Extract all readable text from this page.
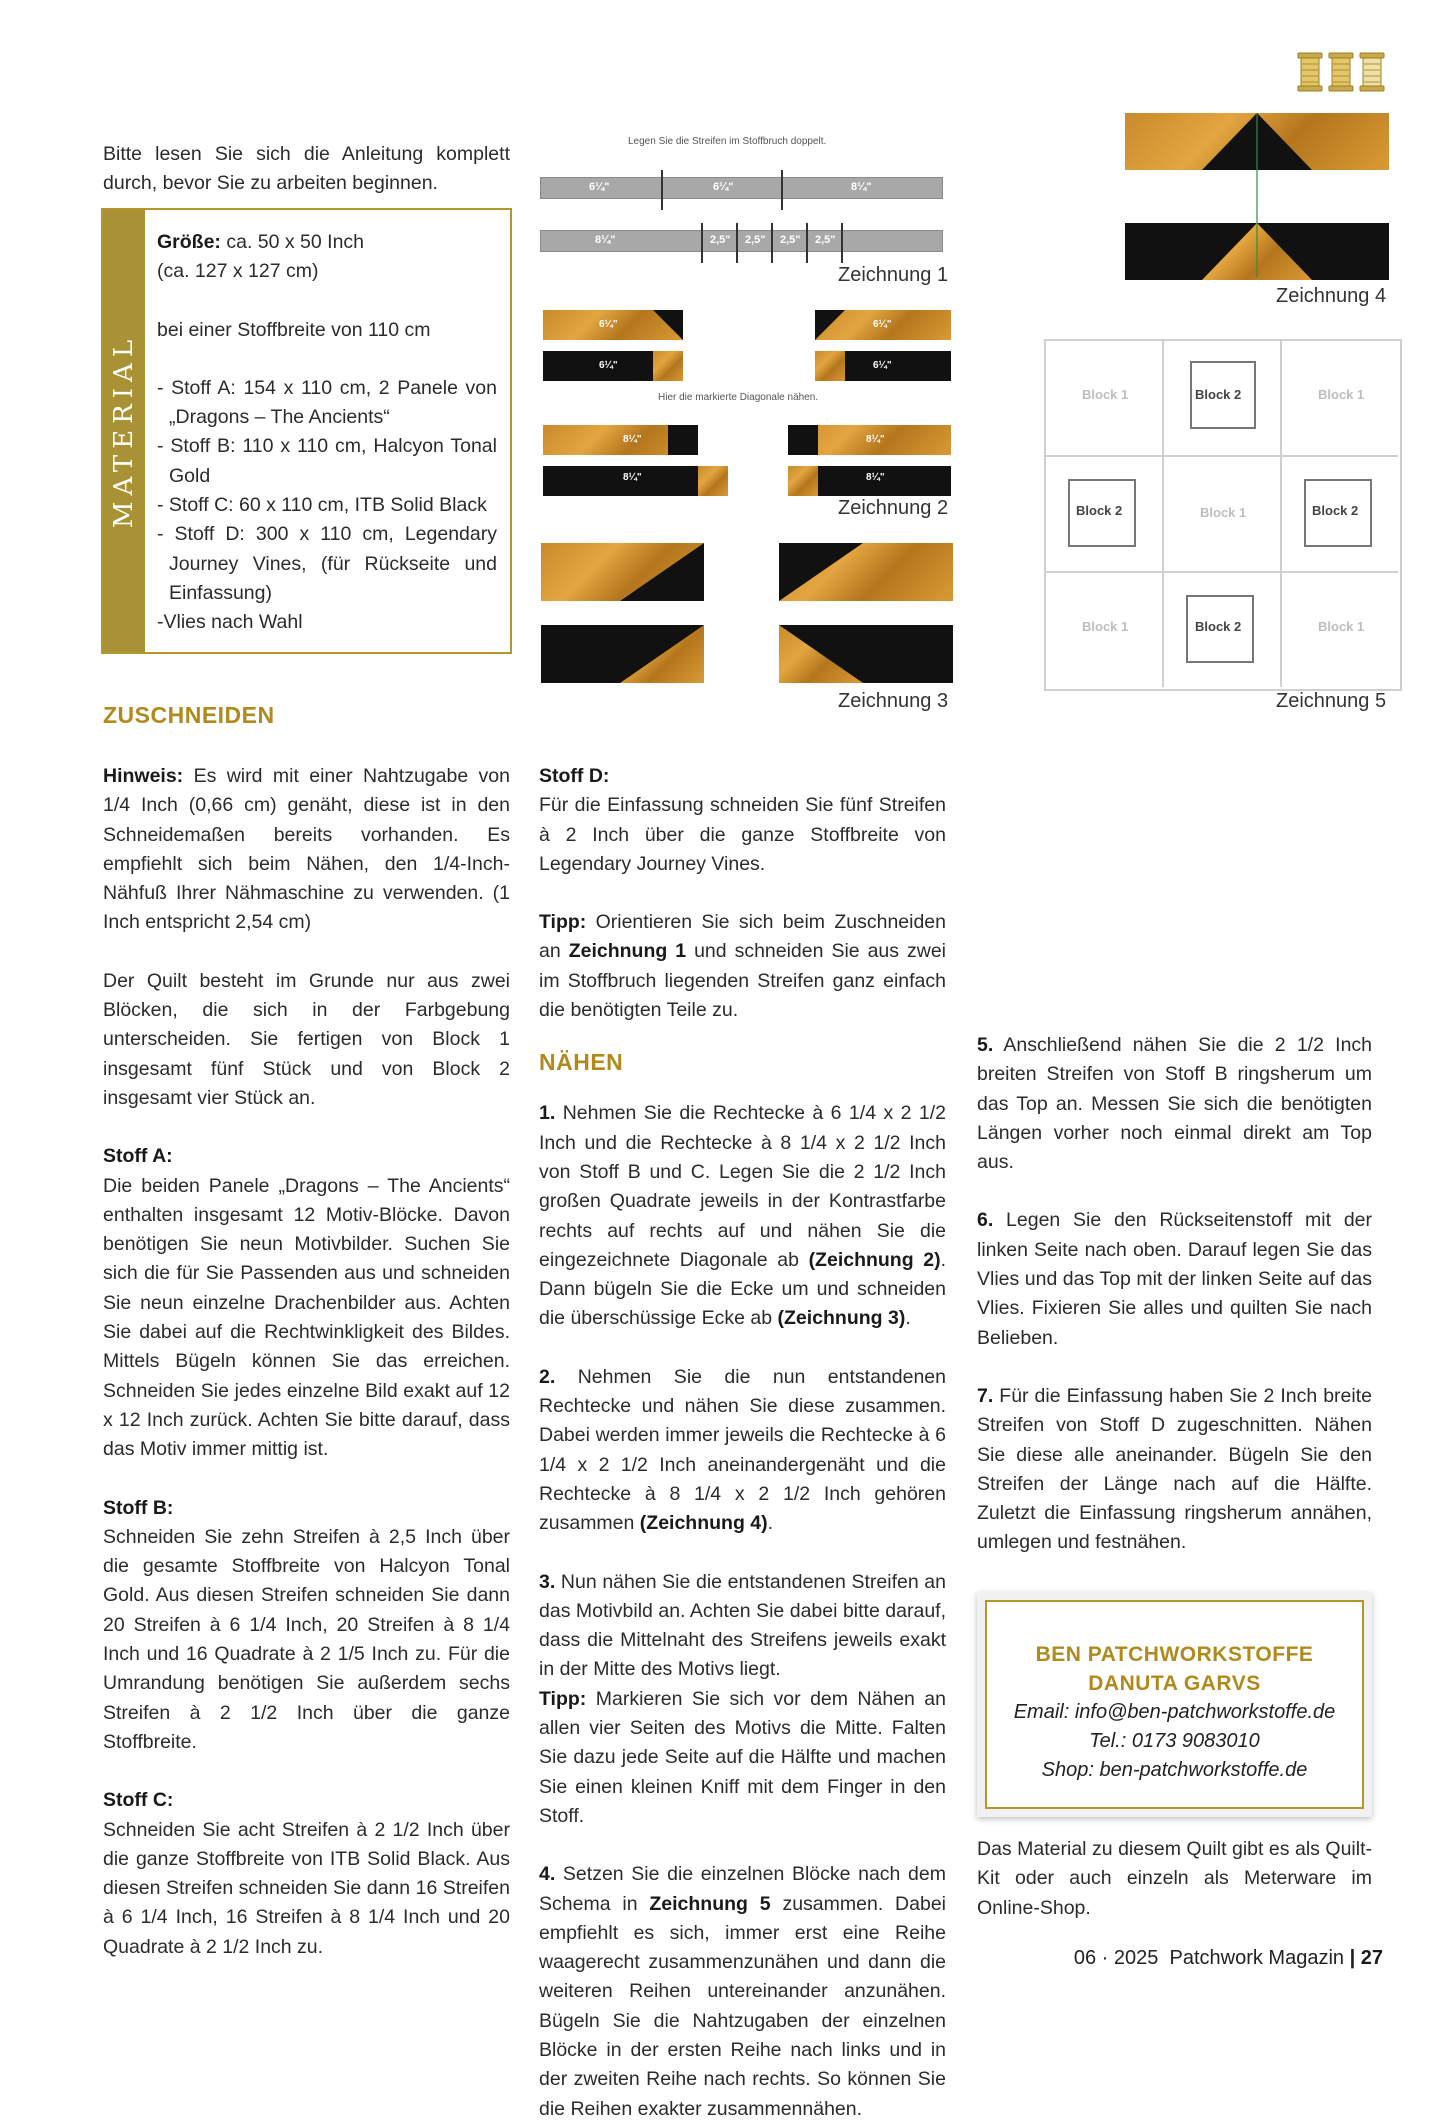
Bitte lesen Sie sich die Anleitung komplett durch, bevor Sie zu arbeiten beginnen.

MATERIAL

Größe: ca. 50 x 50 Inch

(ca. 127 x 127 cm)

bei einer Stoffbreite von 110 cm

- Stoff A: 154 x 110 cm, 2 Panele von „Dragons – The Ancients“

- Stoff B: 110 x 110 cm, Halcyon Tonal Gold

- Stoff C: 60 x 110 cm, ITB Solid Black

- Stoff D: 300 x 110 cm, Legendary Journey Vines, (für Rückseite und Einfassung)

-Vlies nach Wahl

Legen Sie die Streifen im Stoffbruch doppelt.
6¼"	6¼"	8¼"
8¼"	2,5" 2,5" 2,5" 2,5"
Zeichnung 1
6¼"
6¼"
Hier die markierte Diagonale nähen.
8¼"
8¼"
6¼"
6¼"
8¼"
8¼"
Zeichnung 2
Zeichnung 3
Zeichnung 4
Block 1	Block 2	Block 1
Block 2	Block 1	Block 2
Block 1	Block 2	Block 1
Zeichnung 5
ZUSCHNEIDEN

Hinweis: Es wird mit einer Nahtzugabe von 1/4 Inch (0,66 cm) genäht, diese ist in den Schneidemaßen bereits vorhanden. Es empfiehlt sich beim Nähen, den 1/4-Inch-Nähfuß Ihrer Nähmaschine zu verwenden. (1 Inch entspricht 2,54 cm)

Der Quilt besteht im Grunde nur aus zwei Blöcken, die sich in der Farbgebung unterscheiden. Sie fertigen von Block 1 insgesamt fünf Stück und von Block 2 insgesamt vier Stück an.

Stoff A:

Die beiden Panele „Dragons – The Ancients“ enthalten insgesamt 12 Motiv-Blöcke. Davon benötigen Sie neun Motivbilder. Suchen Sie sich die für Sie Passenden aus und schneiden Sie neun einzelne Drachenbilder aus. Achten Sie dabei auf die Rechtwinkligkeit des Bildes. Mittels Bügeln können Sie das erreichen. Schneiden Sie jedes einzelne Bild exakt auf 12 x 12 Inch zurück. Achten Sie bitte darauf, dass das Motiv immer mittig ist.

Stoff B:

Schneiden Sie zehn Streifen à 2,5 Inch über die gesamte Stoffbreite von Halcyon Tonal Gold. Aus diesen Streifen schneiden Sie dann 20 Streifen à 6 1/4 Inch, 20 Streifen à 8 1/4 Inch und 16 Quadrate à 2 1/5 Inch zu. Für die Umrandung benötigen Sie außerdem sechs Streifen à 2 1/2 Inch über die ganze Stoffbreite.

Stoff C:

Schneiden Sie acht Streifen à 2 1/2 Inch über die ganze Stoffbreite von ITB Solid Black. Aus diesen Streifen schneiden Sie dann 16 Streifen à 6 1/4 Inch, 16 Streifen à 8 1/4 Inch und 20 Quadrate à 2 1/2 Inch zu.

Stoff D:

Für die Einfassung schneiden Sie fünf Streifen à 2 Inch über die ganze Stoffbreite von Legendary Journey Vines.

Tipp: Orientieren Sie sich beim Zuschneiden an Zeichnung 1 und schneiden Sie aus zwei im Stoffbruch liegenden Streifen ganz einfach die benötigten Teile zu.

NÄHEN

1. Nehmen Sie die Rechtecke à 6 1/4 x 2 1/2 Inch und die Rechtecke à 8 1/4 x 2 1/2 Inch von Stoff B und C. Legen Sie die 2 1/2 Inch großen Quadrate jeweils in der Kontrastfarbe rechts auf rechts auf und nähen Sie die eingezeichnete Diagonale ab (Zeichnung 2). Dann bügeln Sie die Ecke um und schneiden die überschüssige Ecke ab (Zeichnung 3).

2. Nehmen Sie die nun entstandenen Rechtecke und nähen Sie diese zusammen. Dabei werden immer jeweils die Rechtecke à 6 1/4 x 2 1/2 Inch aneinandergenäht und die Rechtecke à 8 1/4 x 2 1/2 Inch gehören zusammen (Zeichnung 4).

3. Nun nähen Sie die entstandenen Streifen an das Motivbild an. Achten Sie dabei bitte darauf, dass die Mittelnaht des Streifens jeweils exakt in der Mitte des Motivs liegt.

Tipp: Markieren Sie sich vor dem Nähen an allen vier Seiten des Motivs die Mitte. Falten Sie dazu jede Seite auf die Hälfte und machen Sie einen kleinen Kniff mit dem Finger in den Stoff.

4. Setzen Sie die einzelnen Blöcke nach dem Schema in Zeichnung 5 zusammen. Dabei empfiehlt es sich, immer erst eine Reihe waagerecht zusammenzunähen und dann die weiteren Reihen untereinander anzunähen. Bügeln Sie die Nahtzugaben der einzelnen Blöcke in der ersten Reihe nach links und in der zweiten Reihe nach rechts. So können Sie die Reihen exakter zusammennähen.

5. Anschließend nähen Sie die 2 1/2 Inch breiten Streifen von Stoff B ringsherum um das Top an. Messen Sie sich die benötigten Längen vorher noch einmal direkt am Top aus.

6. Legen Sie den Rückseitenstoff mit der linken Seite nach oben. Darauf legen Sie das Vlies und das Top mit der linken Seite auf das Vlies. Fixieren Sie alles und quilten Sie nach Belieben.

7. Für die Einfassung haben Sie 2 Inch breite Streifen von Stoff D zugeschnitten. Nähen Sie diese alle aneinander. Bügeln Sie den Streifen der Länge nach auf die Hälfte. Zuletzt die Einfassung ringsherum annähen, umlegen und festnähen.

BEN PATCHWORKSTOFFE
DANUTA GARVS
Email: info@ben-patchworkstoffe.de
Tel.: 0173 9083010
Shop: ben-patchworkstoffe.de

Das Material zu diesem Quilt gibt es als Quilt-Kit oder auch einzeln als Meterware im Online-Shop.

06 · 2025 Patchwork Magazin | 27
